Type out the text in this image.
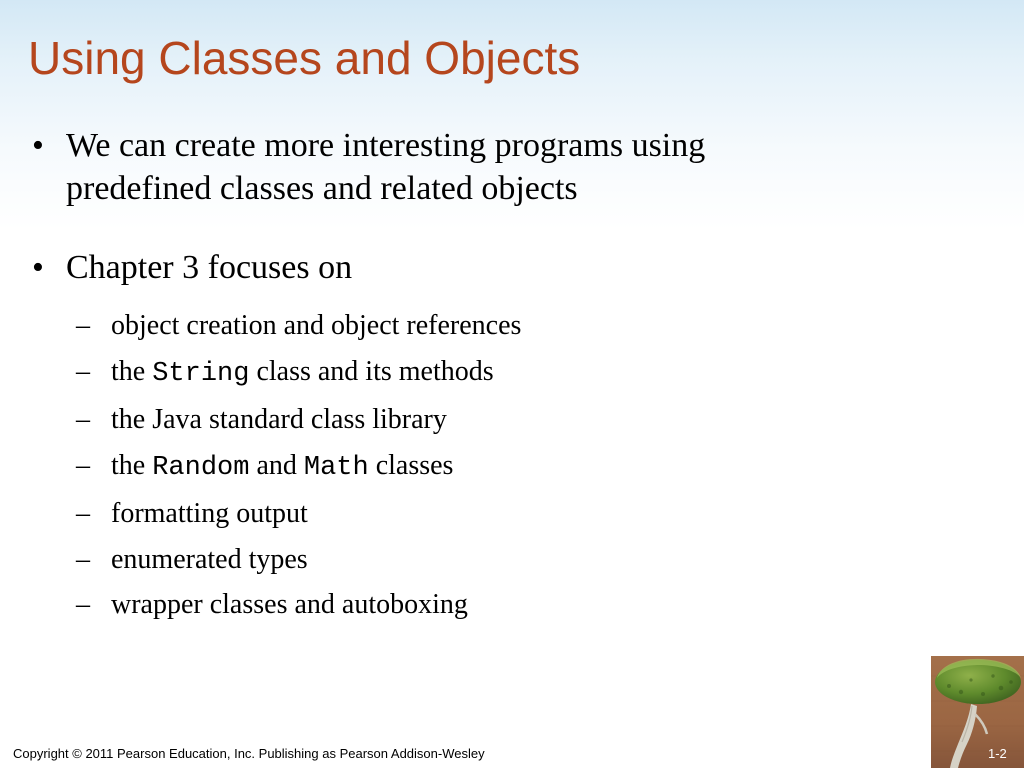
Using Classes and Objects
• We can create more interesting programs using
predefined classes and related objects
• Chapter 3 focuses on
– object creation and object references
– the String class and its methods
– the Java standard class library
– the Random and Math classes
– formatting output
– enumerated types
– wrapper classes and autoboxing
Copyright © 2011 Pearson Education, Inc. Publishing as Pearson Addison-Wesley	1-2
